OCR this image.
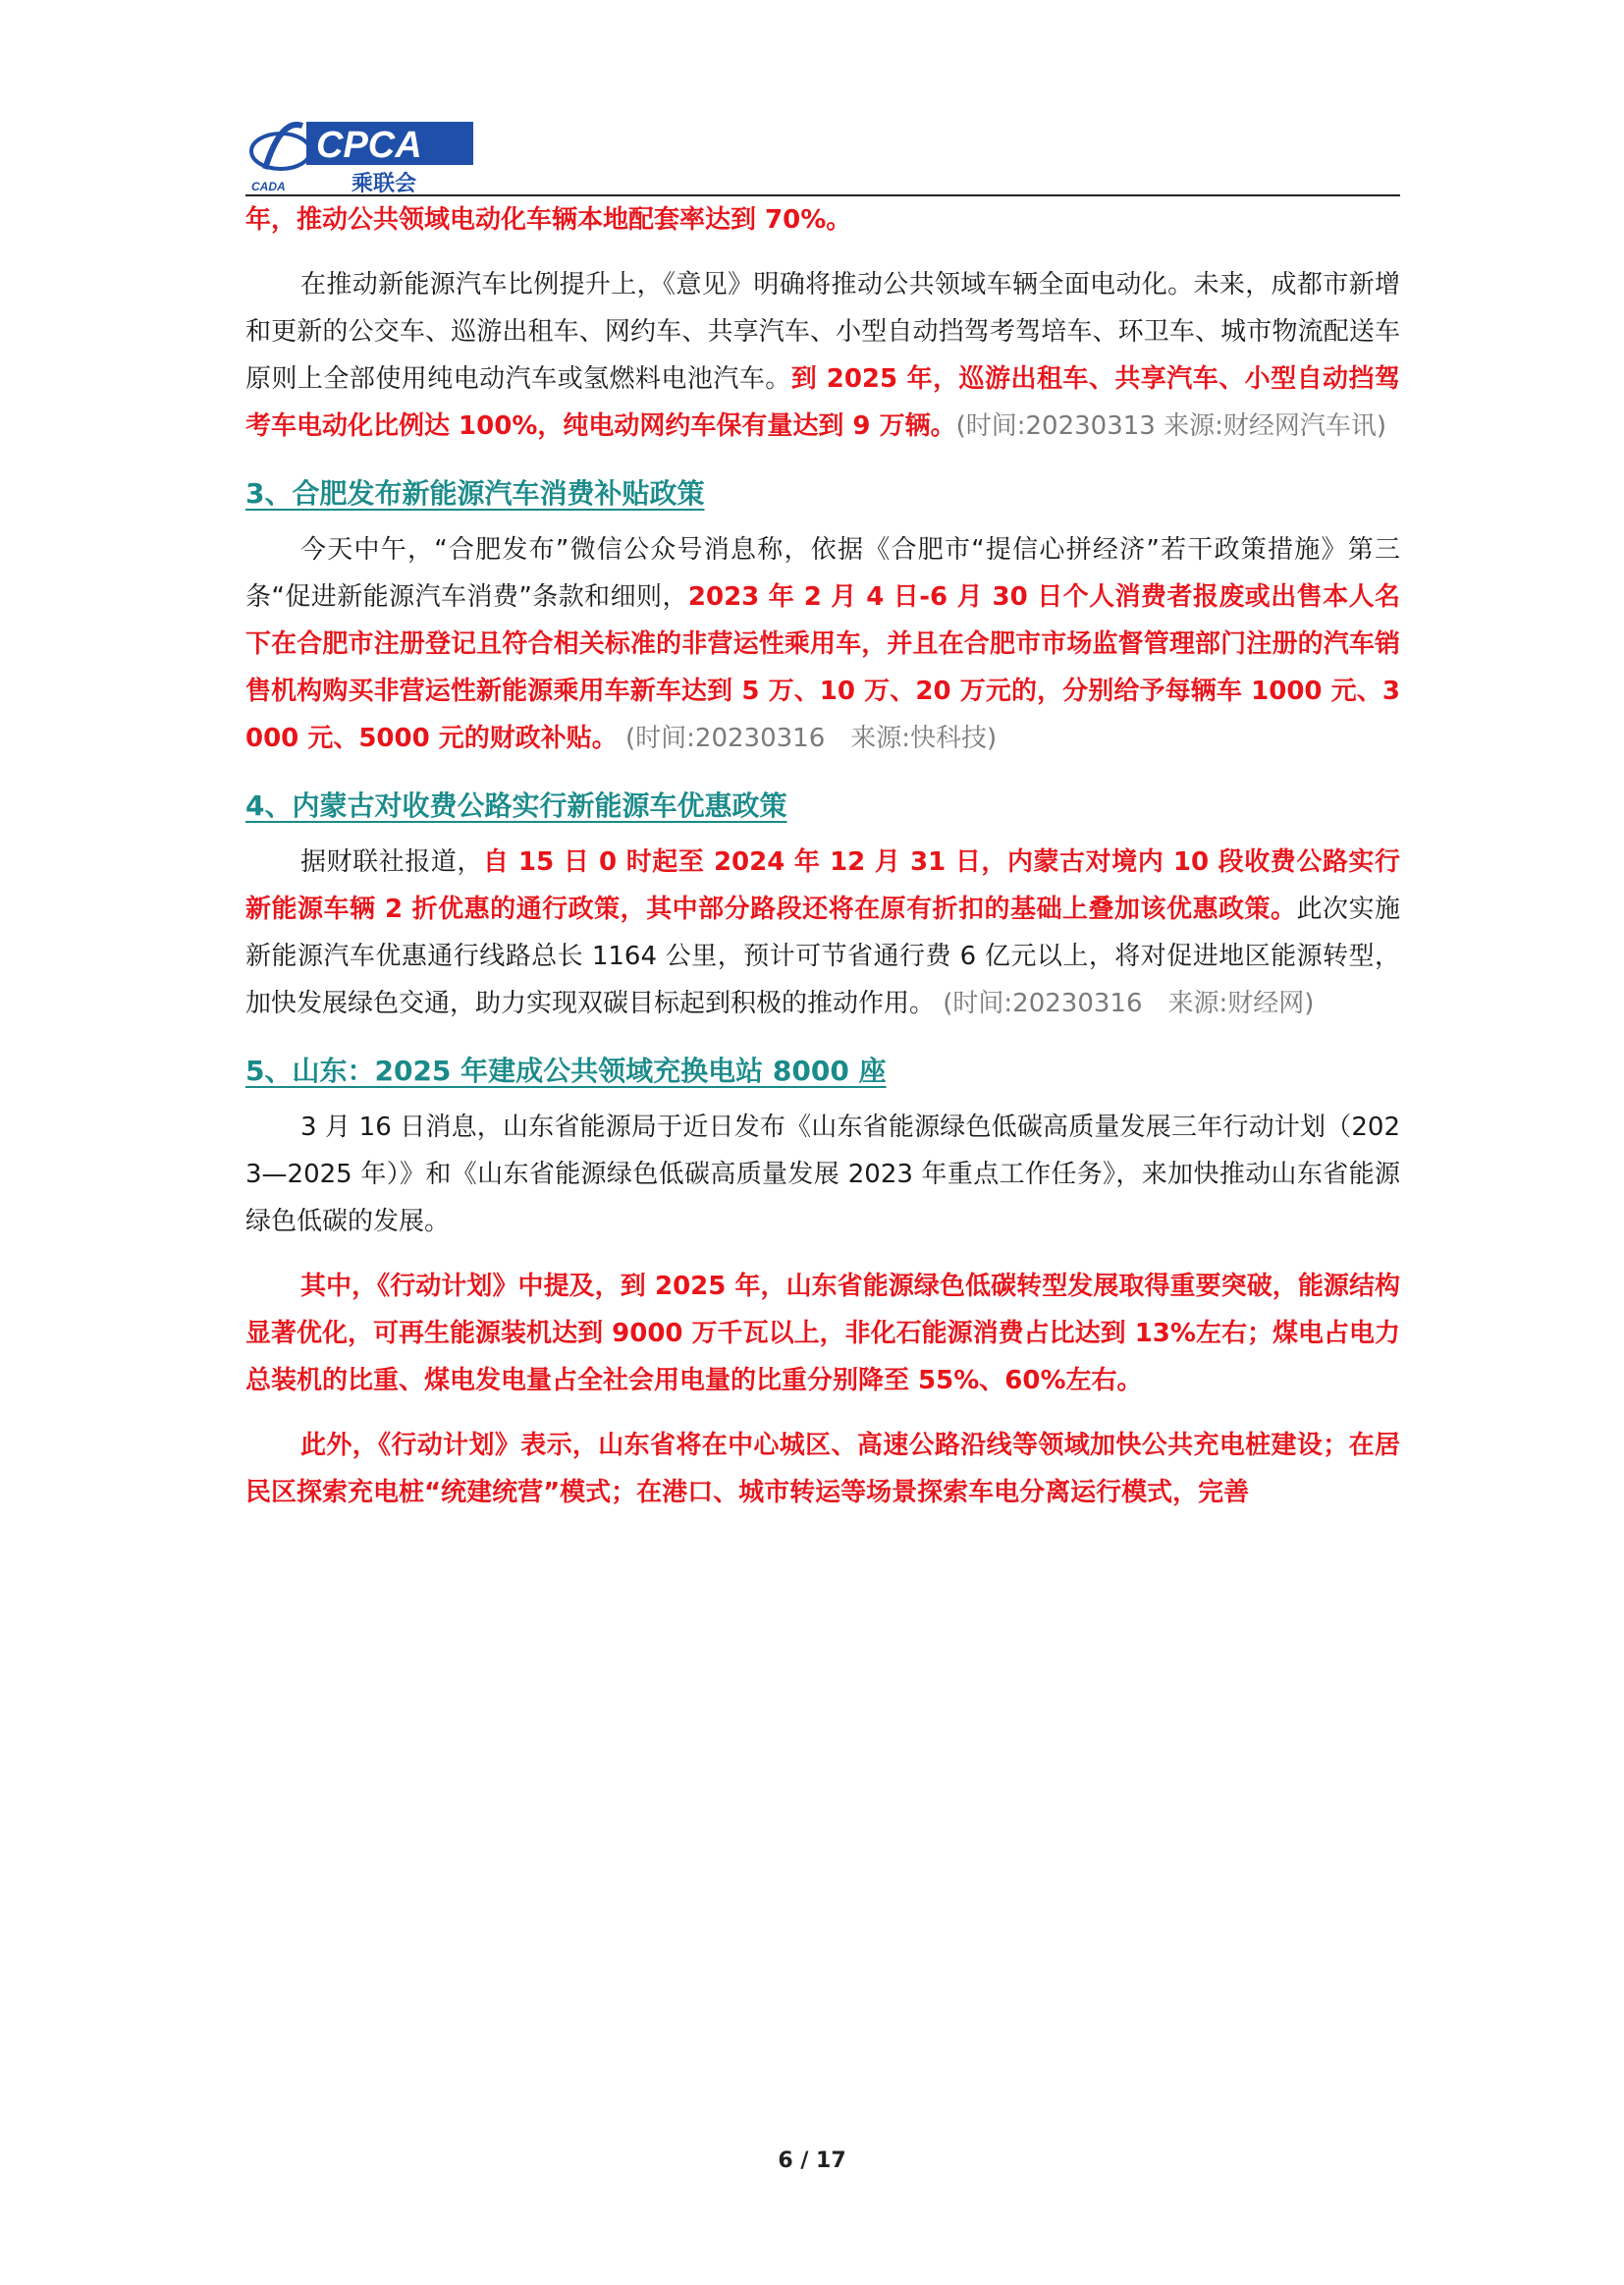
CADA
CPCA
乘联会

年，推动公共领域电动化车辆本地配套率达到 70%。

在推动新能源汽车比例提升上，《意见》明确将推动公共领域车辆全面电动化。未来，成都市新增和更新的公交车、巡游出租车、网约车、共享汽车、小型自动挡驾考驾培车、环卫车、城市物流配送车原则上全部使用纯电动汽车或氢燃料电池汽车。到 2025 年，巡游出租车、共享汽车、小型自动挡驾考车电动化比例达 100%，纯电动网约车保有量达到 9 万辆。(时间:20230313 来源:财经网汽车讯)

3、合肥发布新能源汽车消费补贴政策

今天中午，“合肥发布”微信公众号消息称，依据《合肥市“提信心拼经济”若干政策措施》第三条“促进新能源汽车消费”条款和细则，2023 年 2 月 4 日-6 月 30 日个人消费者报废或出售本人名下在合肥市注册登记且符合相关标准的非营运性乘用车，并且在合肥市市场监督管理部门注册的汽车销售机构购买非营运性新能源乘用车新车达到 5 万、10 万、20 万元的，分别给予每辆车 1000 元、3000 元、5000 元的财政补贴。 (时间:20230316　来源:快科技)

4、内蒙古对收费公路实行新能源车优惠政策

据财联社报道，自 15 日 0 时起至 2024 年 12 月 31 日，内蒙古对境内 10 段收费公路实行新能源车辆 2 折优惠的通行政策，其中部分路段还将在原有折扣的基础上叠加该优惠政策。此次实施新能源汽车优惠通行线路总长 1164 公里，预计可节省通行费 6 亿元以上，将对促进地区能源转型，加快发展绿色交通，助力实现双碳目标起到积极的推动作用。 (时间:20230316　来源:财经网)

5、山东：2025 年建成公共领域充换电站 8000 座

3 月 16 日消息，山东省能源局于近日发布《山东省能源绿色低碳高质量发展三年行动计划（2023—2025 年）》和《山东省能源绿色低碳高质量发展 2023 年重点工作任务》，来加快推动山东省能源绿色低碳的发展。

其中，《行动计划》中提及，到 2025 年，山东省能源绿色低碳转型发展取得重要突破，能源结构显著优化，可再生能源装机达到 9000 万千瓦以上，非化石能源消费占比达到 13%左右；煤电占电力总装机的比重、煤电发电量占全社会用电量的比重分别降至 55%、60%左右。

此外，《行动计划》表示，山东省将在中心城区、高速公路沿线等领域加快公共充电桩建设；在居民区探索充电桩“统建统营”模式；在港口、城市转运等场景探索车电分离运行模式，完善

6 / 17
